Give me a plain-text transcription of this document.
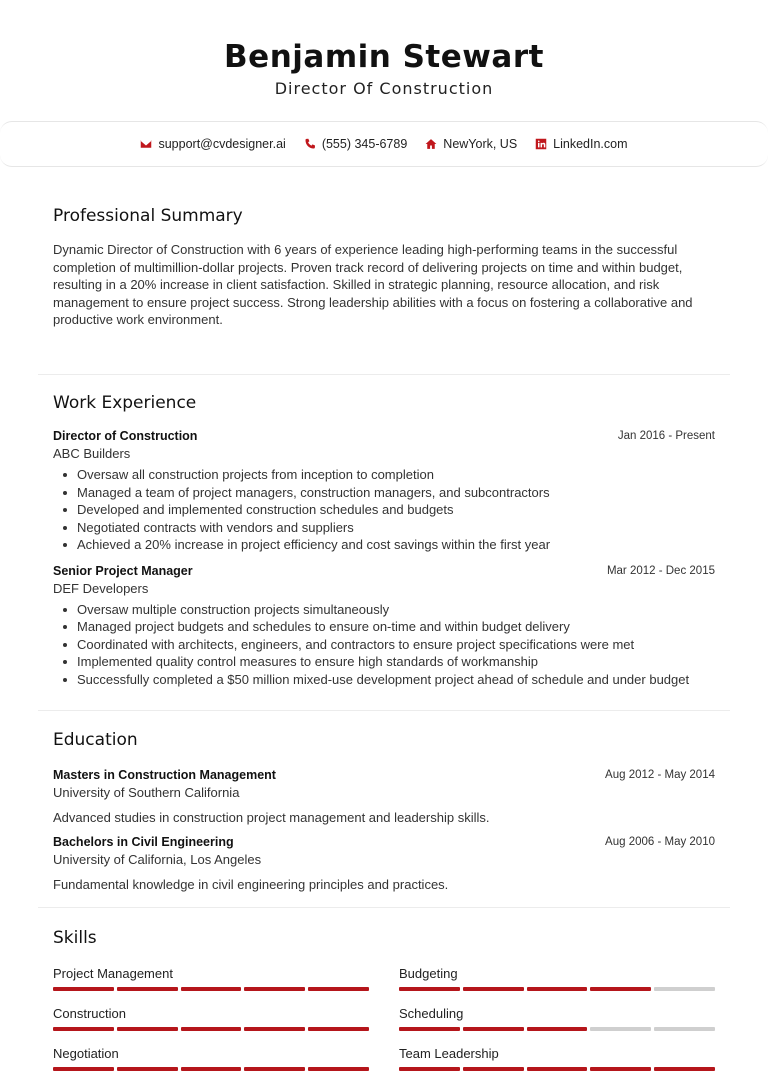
Benjamin Stewart
Director Of Construction
support@cvdesigner.ai	(555) 345-6789	NewYork, US	LinkedIn.com
Professional Summary

Dynamic Director of Construction with 6 years of experience leading high-performing teams in the successful completion of multimillion-dollar projects. Proven track record of delivering projects on time and within budget, resulting in a 20% increase in client satisfaction. Skilled in strategic planning, resource allocation, and risk management to ensure project success. Strong leadership abilities with a focus on fostering a collaborative and productive work environment.

Work Experience
Director of Construction	Jan 2016 - Present
ABC Builders
Oversaw all construction projects from inception to completion
Managed a team of project managers, construction managers, and subcontractors
Developed and implemented construction schedules and budgets
Negotiated contracts with vendors and suppliers
Achieved a 20% increase in project efficiency and cost savings within the first year
Senior Project Manager	Mar 2012 - Dec 2015
DEF Developers
Oversaw multiple construction projects simultaneously
Managed project budgets and schedules to ensure on-time and within budget delivery
Coordinated with architects, engineers, and contractors to ensure project specifications were met
Implemented quality control measures to ensure high standards of workmanship
Successfully completed a $50 million mixed-use development project ahead of schedule and under budget
Education
Masters in Construction Management	Aug 2012 - May 2014
University of Southern California

Advanced studies in construction project management and leadership skills.

Bachelors in Civil Engineering	Aug 2006 - May 2010
University of California, Los Angeles

Fundamental knowledge in civil engineering principles and practices.

Skills
Project Management	Budgeting
Construction	Scheduling
Negotiation	Team Leadership
